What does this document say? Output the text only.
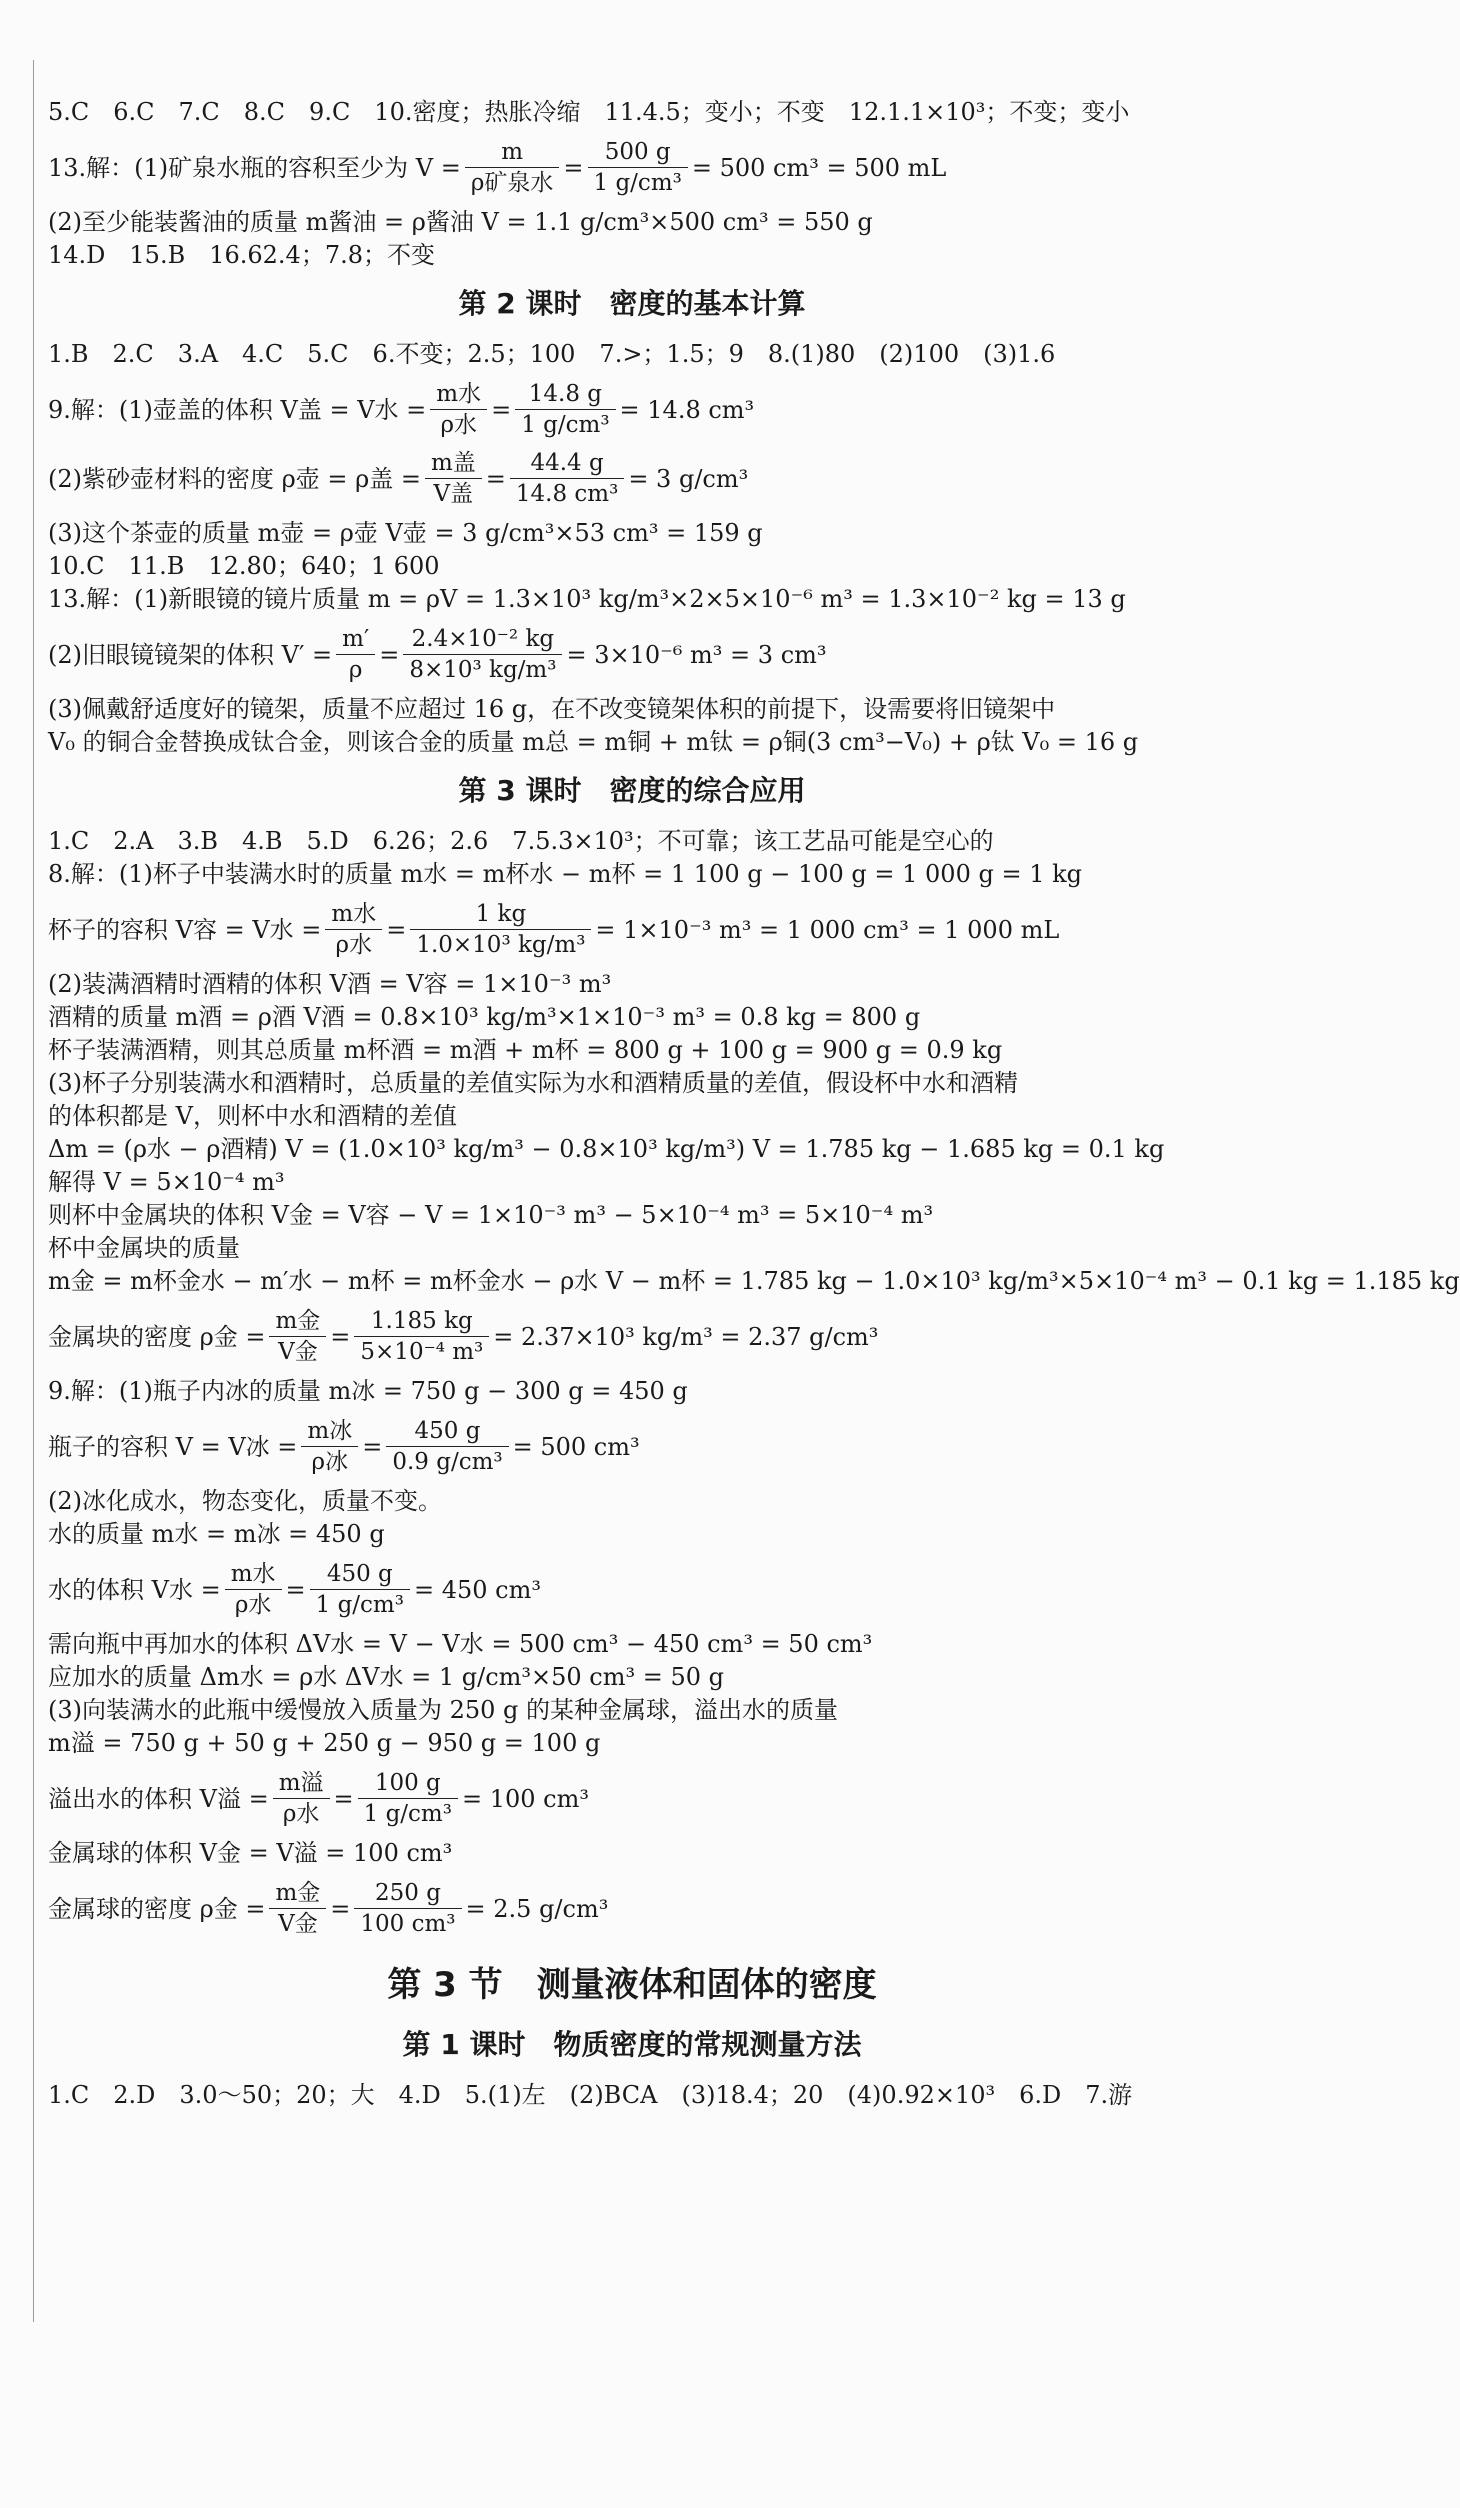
5.C　6.C　7.C　8.C　9.C　10.密度；热胀冷缩　11.4.5；变小；不变　12.1.1×10³；不变；变小

13.解：(1)矿泉水瓶的容积至少为 $V = \frac{m}{\text{ρ矿泉水}} = \frac{500 g}{\text{1 g/cm³}} = 500$ cm³ = 500 mL

(2)至少能装酱油的质量 m酱油 = ρ酱油 V = 1.1 g/cm³×500 cm³ = 550 g

14.D　15.B　16.62.4；7.8；不变

第 2 课时　密度的基本计算

1.B　2.C　3.A　4.C　5.C　6.不变；2.5；100　7.>；1.5；9　8.(1)80　(2)100　(3)1.6

9.解：(1)壶盖的体积 V盖 = V水 = $\frac{\text{m水}}{\text{ρ水}} = \frac{14.8 g}{\text{1 g/cm³}} = 14.8$ cm³
(2)紫砂壶材料的密度 ρ壶 = ρ盖 = $\frac{\text{m盖}}{\text{V盖}} = \frac{44.4 g}{\text{14.8 cm³}} = 3$ g/cm³

(3)这个茶壶的质量 m壶 = ρ壶 V壶 = 3 g/cm³×53 cm³ = 159 g

10.C　11.B　12.80；640；1 600

13.解：(1)新眼镜的镜片质量 m = ρV = 1.3×10³ kg/m³×2×5×10⁻⁶ m³ = 1.3×10⁻² kg = 13 g

(2)旧眼镜镜架的体积 $V' = \frac{m'}{\rho} = \frac{\text{2.4×10⁻² kg}}{\text{8×10³ kg/m³}} = 3\times 10^{-6}$ m³ = 3 cm³

(3)佩戴舒适度好的镜架，质量不应超过 16 g，在不改变镜架体积的前提下，设需要将旧镜架中

V₀ 的铜合金替换成钛合金，则该合金的质量 m总 = m铜 + m钛 = ρ铜(3 cm³−V₀) + ρ钛 V₀ = 16 g

第 3 课时　密度的综合应用

1.C　2.A　3.B　4.B　5.D　6.26；2.6　7.5.3×10³；不可靠；该工艺品可能是空心的

8.解：(1)杯子中装满水时的质量 m水 = m杯水 − m杯 = 1 100 g − 100 g = 1 000 g = 1 kg

杯子的容积 V容 = V水 = $\frac{\text{m水}}{\text{ρ水}} = \frac{1 kg}{\text{1.0×10³ kg/m³}} = 1\times 10^{-3}$ m³ = 1 000 cm³ = 1 000 mL

(2)装满酒精时酒精的体积 V酒 = V容 = 1×10⁻³ m³

酒精的质量 m酒 = ρ酒 V酒 = 0.8×10³ kg/m³×1×10⁻³ m³ = 0.8 kg = 800 g

杯子装满酒精，则其总质量 m杯酒 = m酒 + m杯 = 800 g + 100 g = 900 g = 0.9 kg

(3)杯子分别装满水和酒精时，总质量的差值实际为水和酒精质量的差值，假设杯中水和酒精

的体积都是 V，则杯中水和酒精的差值

Δm = (ρ水 − ρ酒精) V = (1.0×10³ kg/m³ − 0.8×10³ kg/m³) V = 1.785 kg − 1.685 kg = 0.1 kg

解得 V = 5×10⁻⁴ m³

则杯中金属块的体积 V金 = V容 − V = 1×10⁻³ m³ − 5×10⁻⁴ m³ = 5×10⁻⁴ m³

杯中金属块的质量

m金 = m杯金水 − m′水 − m杯 = m杯金水 − ρ水 V − m杯 = 1.785 kg − 1.0×10³ kg/m³×5×10⁻⁴ m³ − 0.1 kg = 1.185 kg

金属块的密度 ρ金 = $\frac{\text{m金}}{\text{V金}} = \frac{1.185 kg}{\text{5×10⁻⁴ m³}} = 2.37\times 10^3$ kg/m³ = 2.37 g/cm³

9.解：(1)瓶子内冰的质量 m冰 = 750 g − 300 g = 450 g

瓶子的容积 V = V冰 = $\frac{\text{m冰}}{\text{ρ冰}} = \frac{450 g}{\text{0.9 g/cm³}} = 500$ cm³

(2)冰化成水，物态变化，质量不变。

水的质量 m水 = m冰 = 450 g

水的体积 V水 = $\frac{\text{m水}}{\text{ρ水}} = \frac{450 g}{\text{1 g/cm³}} = 450$ cm³

需向瓶中再加水的体积 ΔV水 = V − V水 = 500 cm³ − 450 cm³ = 50 cm³

应加水的质量 Δm水 = ρ水 ΔV水 = 1 g/cm³×50 cm³ = 50 g

(3)向装满水的此瓶中缓慢放入质量为 250 g 的某种金属球，溢出水的质量

m溢 = 750 g + 50 g + 250 g − 950 g = 100 g

溢出水的体积 V溢 = $\frac{\text{m溢}}{\text{ρ水}} = \frac{100 g}{\text{1 g/cm³}} = 100$ cm³

金属球的体积 V金 = V溢 = 100 cm³

金属球的密度 ρ金 = $\frac{\text{m金}}{\text{V金}} = \frac{250 g}{\text{100 cm³}} = 2.5$ g/cm³
第 3 节　测量液体和固体的密度
第 1 课时　物质密度的常规测量方法

1.C　2.D　3.0～50；20；大　4.D　5.(1)左　(2)BCA　(3)18.4；20　(4)0.92×10³　6.D　7.游
